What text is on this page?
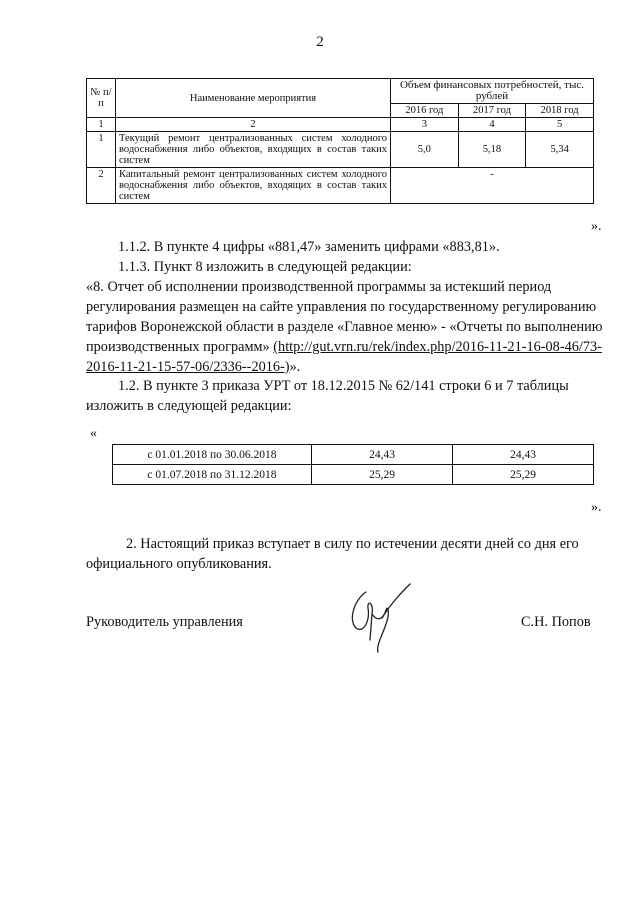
2
№ п/п	Наименование мероприятия	Объем финансовых потребностей, тыс. рублей		
		2016 год	2017 год	2018 год
1	2	3	4	5
1	Текущий ремонт централизованных систем холодного водоснабжения либо объектов, входящих в состав таких систем	5,0	5,18	5,34
2	Капитальный ремонт централизованных систем холодного водоснабжения либо объектов, входящих в состав таких систем	-		
».
1.1.2. В пункте 4 цифры «881,47» заменить цифрами «883,81».
1.1.3. Пункт 8 изложить в следующей редакции:
«8. Отчет об исполнении производственной программы за истекший период регулирования размещен на сайте управления по государственному регулированию тарифов Воронежской области в разделе «Главное меню» - «Отчеты по выполнению производственных программ» (http://gut.vrn.ru/rek/index.php/2016-11-21-16-08-46/73-2016-11-21-15-57-06/2336--2016-)».
1.2. В пункте 3 приказа УРТ от 18.12.2015 № 62/141 строки 6 и 7 таблицы изложить в следующей редакции:
«
с 01.01.2018 по 30.06.2018	24,43	24,43
с 01.07.2018 по 31.12.2018	25,29	25,29
».
2. Настоящий приказ вступает в силу по истечении десяти дней со дня его официального опубликования.
Руководитель управления	С.Н. Попов
